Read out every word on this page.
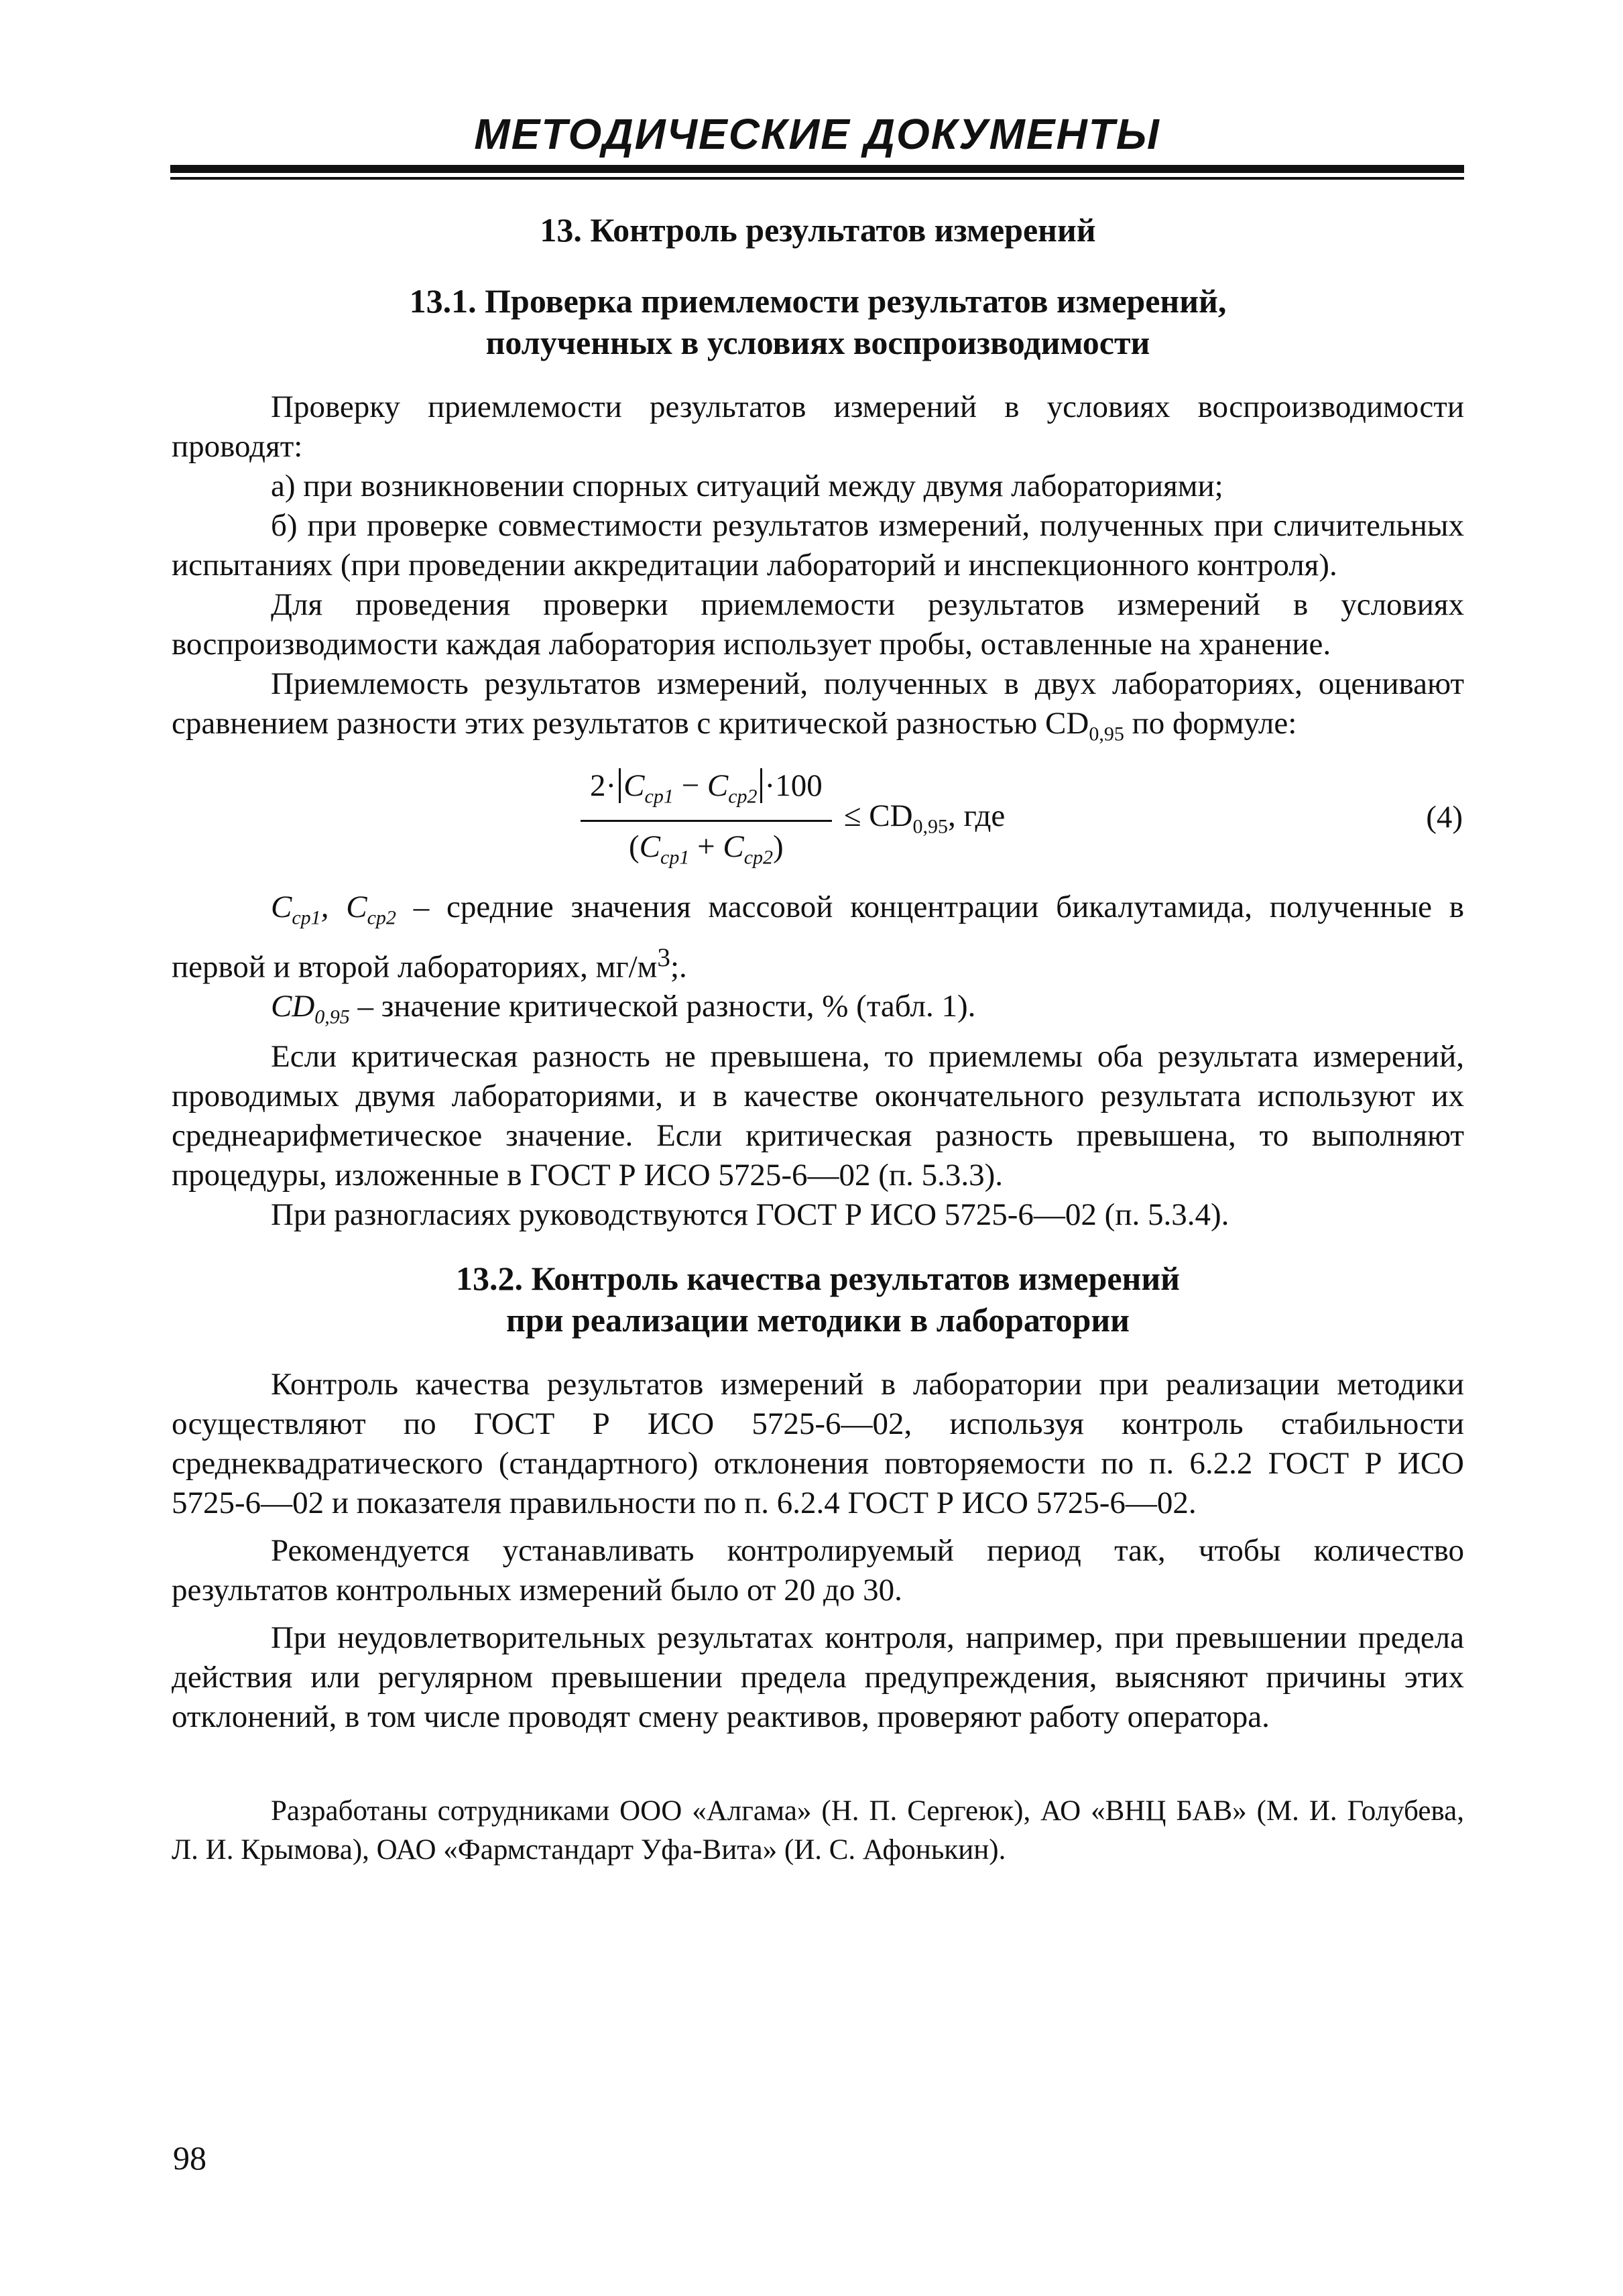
МЕТОДИЧЕСКИЕ ДОКУМЕНТЫ
13. Контроль результатов измерений
13.1. Проверка приемлемости результатов измерений,
полученных в условиях воспроизводимости

Проверку приемлемости результатов измерений в условиях воспроизводимости проводят:

а) при возникновении спорных ситуаций между двумя лабораториями;

б) при проверке совместимости результатов измерений, полученных при сличительных испытаниях (при проведении аккредитации лабораторий и инспекционного контроля).

Для проведения проверки приемлемости результатов измерений в условиях воспроизводимости каждая лаборатория использует пробы, оставленные на хранение.

Приемлемость результатов измерений, полученных в двух лабораториях, оценивают сравнением разности этих результатов с критической разностью $CD_{0,95}$ по формуле:

$\frac{2\cdot C_{cp1} - C_{cp2} \cdot 100}{(C_{cp1} + C_{cp2})} \le CD_{0,95}$, где	(4)

$C_{cp1}$, $C_{cp2}$ – средние значения массовой концентрации бикалутамида, полученные в первой и второй лабораториях, $мг/м^3$;.

$CD_{0,95}$ – значение критической разности, % (табл. 1).

Если критическая разность не превышена, то приемлемы оба результата измерений, проводимых двумя лабораториями, и в качестве окончательного результата используют их среднеарифметическое значение. Если критическая разность превышена, то выполняют процедуры, изложенные в ГОСТ Р ИСО 5725-6—02 (п. 5.3.3).

При разногласиях руководствуются ГОСТ Р ИСО 5725-6—02 (п. 5.3.4).

13.2. Контроль качества результатов измерений
при реализации методики в лаборатории

Контроль качества результатов измерений в лаборатории при реализации методики осуществляют по ГОСТ Р ИСО 5725-6—02, используя контроль стабильности среднеквадратического (стандартного) отклонения повторяемости по п. 6.2.2 ГОСТ Р ИСО 5725-6—02 и показателя правильности по п. 6.2.4 ГОСТ Р ИСО 5725-6—02.

Рекомендуется устанавливать контролируемый период так, чтобы количество результатов контрольных измерений было от 20 до 30.

При неудовлетворительных результатах контроля, например, при превышении предела действия или регулярном превышении предела предупреждения, выясняют причины этих отклонений, в том числе проводят смену реактивов, проверяют работу оператора.

Разработаны сотрудниками ООО «Алгама» (Н. П. Сергеюк), АО «ВНЦ БАВ» (М. И. Голубева, Л. И. Крымова), ОАО «Фармстандарт Уфа-Вита» (И. С. Афонькин).

98
